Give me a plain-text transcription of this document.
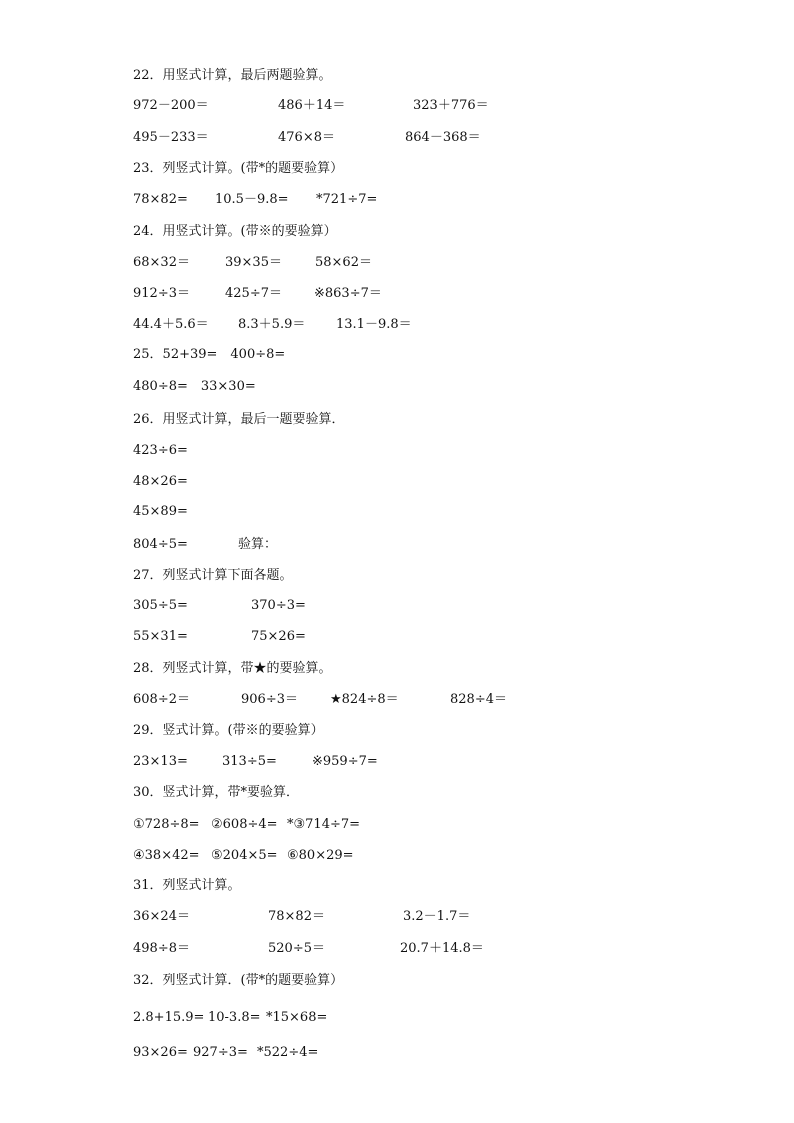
22．用竖式计算，最后两题验算。
972－200＝	486＋14＝	323＋776＝
495－233＝	476×8＝	864－368＝
23．列竖式计算。(带*的题要验算）
78×82= 10.5－9.8= *721÷7=
24．用竖式计算。(带※的要验算）
68×32＝	39×35＝	58×62＝
912÷3＝	425÷7＝ ※863÷7＝
44.4＋5.6＝ 8.3＋5.9＝ 13.1－9.8＝
25．52+39=　400÷8=
480÷8=　33×30=
26．用竖式计算，最后一题要验算．
423÷6=
48×26=
45×89=
804÷5=	验算：
27．列竖式计算下面各题。
305÷5=	370÷3=
55×31=	75×26=
28．列竖式计算，带★的要验算。
608÷2＝	906÷3＝ ★824÷8＝	828÷4＝
29．竖式计算。(带※的要验算）
23×13=	313÷5=	※959÷7=
30．竖式计算，带*要验算．
①728÷8= ②608÷4= *③714÷7=
④38×42= ⑤204×5= ⑥80×29=
31．列竖式计算。
36×24＝	78×82＝	3.2－1.7＝
498÷8＝	520÷5＝	20.7＋14.8＝
32．列竖式计算．(带*的题要验算）
2.8+15.9= 10-3.8= *15×68=
93×26= 927÷3= *522÷4=
